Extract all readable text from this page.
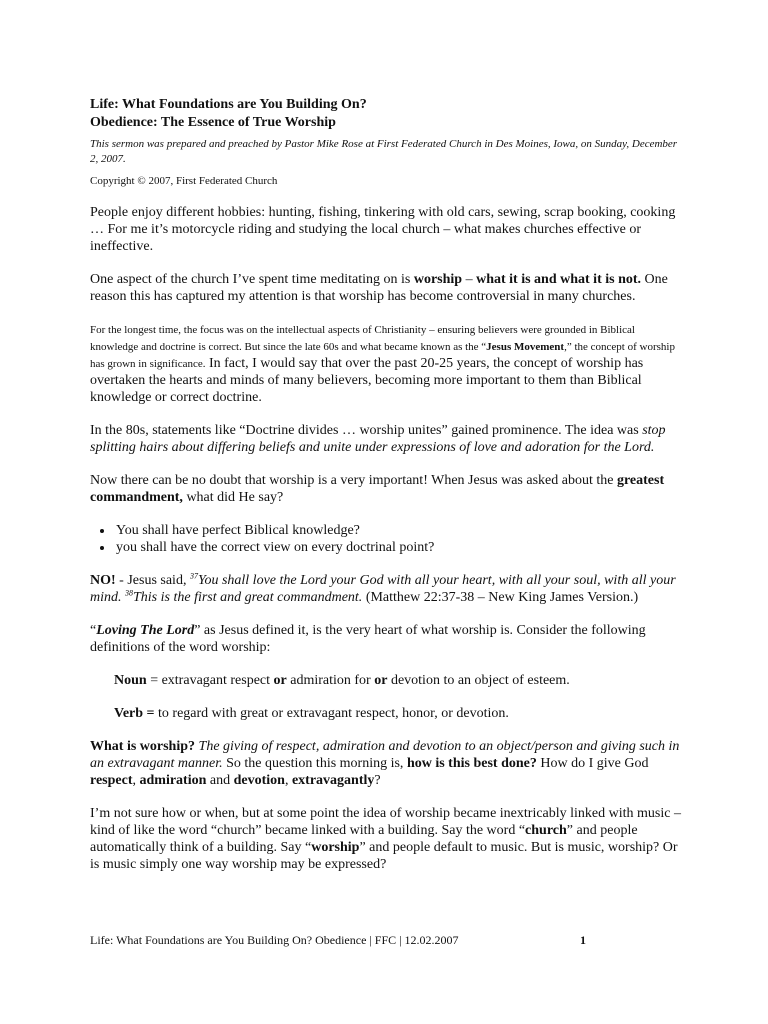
Life: What Foundations are You Building On?
Obedience: The Essence of True Worship
This sermon was prepared and preached by Pastor Mike Rose at First Federated Church in Des Moines, Iowa, on Sunday, December 2, 2007.
Copyright © 2007, First Federated Church

People enjoy different hobbies: hunting, fishing, tinkering with old cars, sewing, scrap booking, cooking … For me it’s motorcycle riding and studying the local church – what makes churches effective or ineffective.

One aspect of the church I’ve spent time meditating on is worship – what it is and what it is not. One reason this has captured my attention is that worship has become controversial in many churches.

For the longest time, the focus was on the intellectual aspects of Christianity – ensuring believers were grounded in Biblical knowledge and doctrine is correct. But since the late 60s and what became known as the “Jesus Movement,” the concept of worship has grown in significance. In fact, I would say that over the past 20-25 years, the concept of worship has overtaken the hearts and minds of many believers, becoming more important to them than Biblical knowledge or correct doctrine.

In the 80s, statements like “Doctrine divides … worship unites” gained prominence. The idea was stop splitting hairs about differing beliefs and unite under expressions of love and adoration for the Lord.

Now there can be no doubt that worship is a very important! When Jesus was asked about the greatest commandment, what did He say?

• You shall have perfect Biblical knowledge?
• you shall have the correct view on every doctrinal point?

NO! - Jesus said, $^{37}$You shall love the Lord your God with all your heart, with all your soul, with all your mind. $^{38}$This is the first and great commandment. (Matthew 22:37-38 – New King James Version.)

“Loving The Lord” as Jesus defined it, is the very heart of what worship is. Consider the following definitions of the word worship:

Noun = extravagant respect or admiration for or devotion to an object of esteem.

Verb = to regard with great or extravagant respect, honor, or devotion.

What is worship? The giving of respect, admiration and devotion to an object/person and giving such in an extravagant manner. So the question this morning is, how is this best done? How do I give God respect, admiration and devotion, extravagantly?

I’m not sure how or when, but at some point the idea of worship became inextricably linked with music – kind of like the word “church” became linked with a building. Say the word “church” and people automatically think of a building. Say “worship” and people default to music. But is music, worship? Or is music simply one way worship may be expressed?

Life: What Foundations are You Building On? Obedience | FFC | 12.02.2007	1
